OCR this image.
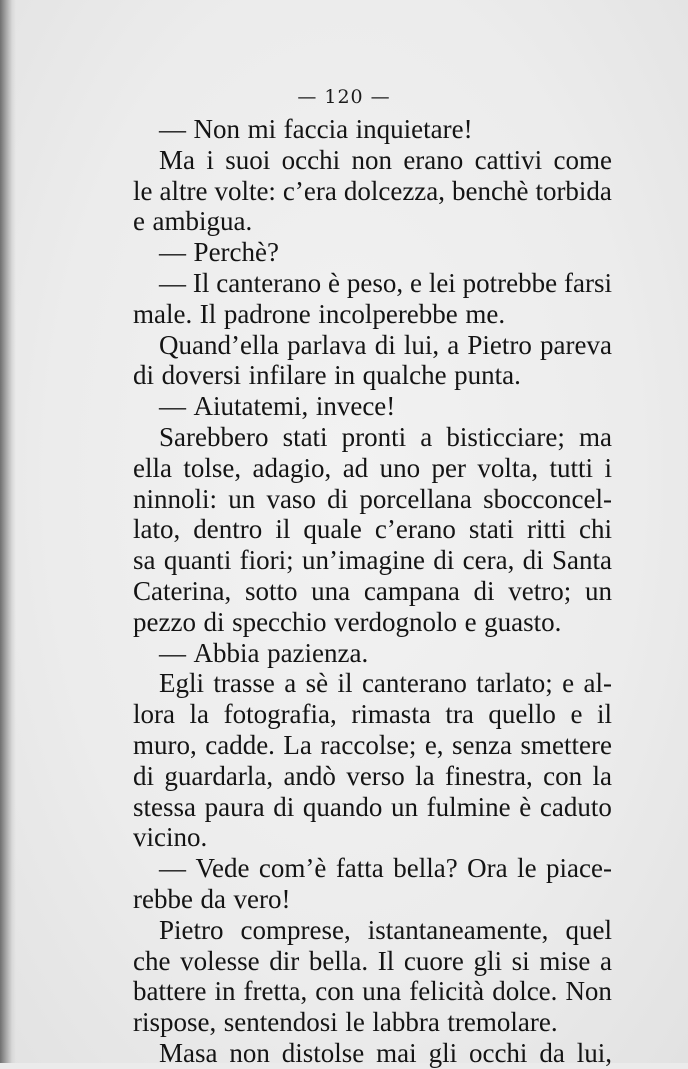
— 120 —
— Non mi faccia inquietare!
Ma i suoi occhi non erano cattivi come
le altre volte: c’era dolcezza, benchè torbida
e ambigua.
— Perchè?
— Il canterano è peso, e lei potrebbe farsi
male. Il padrone incolperebbe me.
Quand’ella parlava di lui, a Pietro pareva
di doversi infilare in qualche punta.
— Aiutatemi, invece!
Sarebbero stati pronti a bisticciare; ma
ella tolse, adagio, ad uno per volta, tutti i
ninnoli: un vaso di porcellana sbocconcel-
lato, dentro il quale c’erano stati ritti chi
sa quanti fiori; un’imagine di cera, di Santa
Caterina, sotto una campana di vetro; un
pezzo di specchio verdognolo e guasto.
— Abbia pazienza.
Egli trasse a sè il canterano tarlato; e al-
lora la fotografia, rimasta tra quello e il
muro, cadde. La raccolse; e, senza smettere
di guardarla, andò verso la finestra, con la
stessa paura di quando un fulmine è caduto
vicino.
— Vede com’è fatta bella? Ora le piace-
rebbe da vero!
Pietro comprese, istantaneamente, quel
che volesse dir bella. Il cuore gli si mise a
battere in fretta, con una felicità dolce. Non
rispose, sentendosi le labbra tremolare.
Masa non distolse mai gli occhi da lui,
